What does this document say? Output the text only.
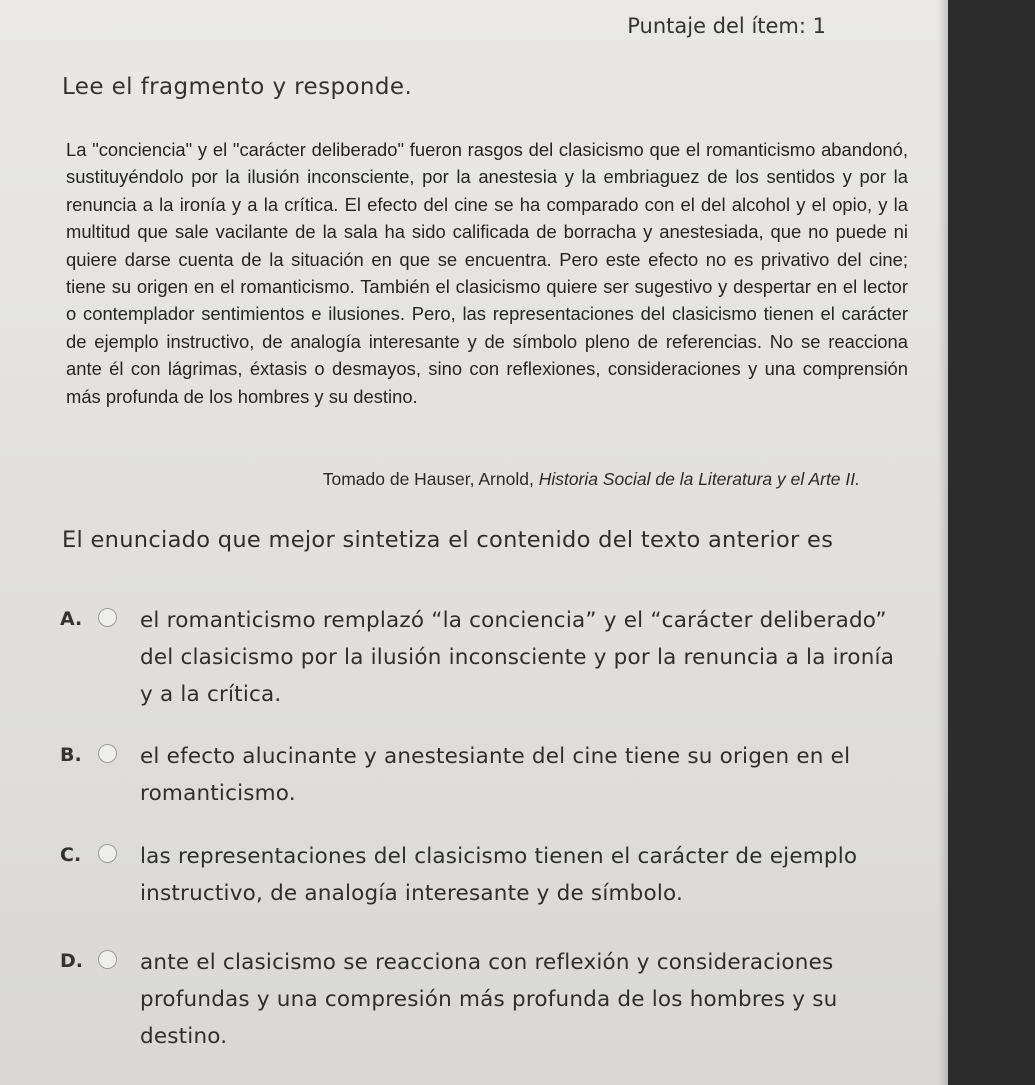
Puntaje del ítem: 1
Lee el fragmento y responde.
La "conciencia" y el "carácter deliberado" fueron rasgos del clasicismo que el romanticismo abandonó, sustituyéndolo por la ilusión inconsciente, por la anestesia y la embriaguez de los sentidos y por la renuncia a la ironía y a la crítica. El efecto del cine se ha comparado con el del alcohol y el opio, y la multitud que sale vacilante de la sala ha sido calificada de borracha y anestesiada, que no puede ni quiere darse cuenta de la situación en que se encuentra. Pero este efecto no es privativo del cine; tiene su origen en el romanticismo. También el clasicismo quiere ser sugestivo y despertar en el lector o contemplador sentimientos e ilusiones. Pero, las representaciones del clasicismo tienen el carácter de ejemplo instructivo, de analogía interesante y de símbolo pleno de referencias. No se reacciona ante él con lágrimas, éxtasis o desmayos, sino con reflexiones, consideraciones y una comprensión más profunda de los hombres y su destino.
Tomado de Hauser, Arnold, Historia Social de la Literatura y el Arte II.
El enunciado que mejor sintetiza el contenido del texto anterior es
A.	el romanticismo remplazó “la conciencia” y el “carácter deliberado” del clasicismo por la ilusión inconsciente y por la renuncia a la ironía y a la crítica.
B.	el efecto alucinante y anestesiante del cine tiene su origen en el romanticismo.
C.	las representaciones del clasicismo tienen el carácter de ejemplo instructivo, de analogía interesante y de símbolo.
D.	ante el clasicismo se reacciona con reflexión y consideraciones profundas y una compresión más profunda de los hombres y su destino.
